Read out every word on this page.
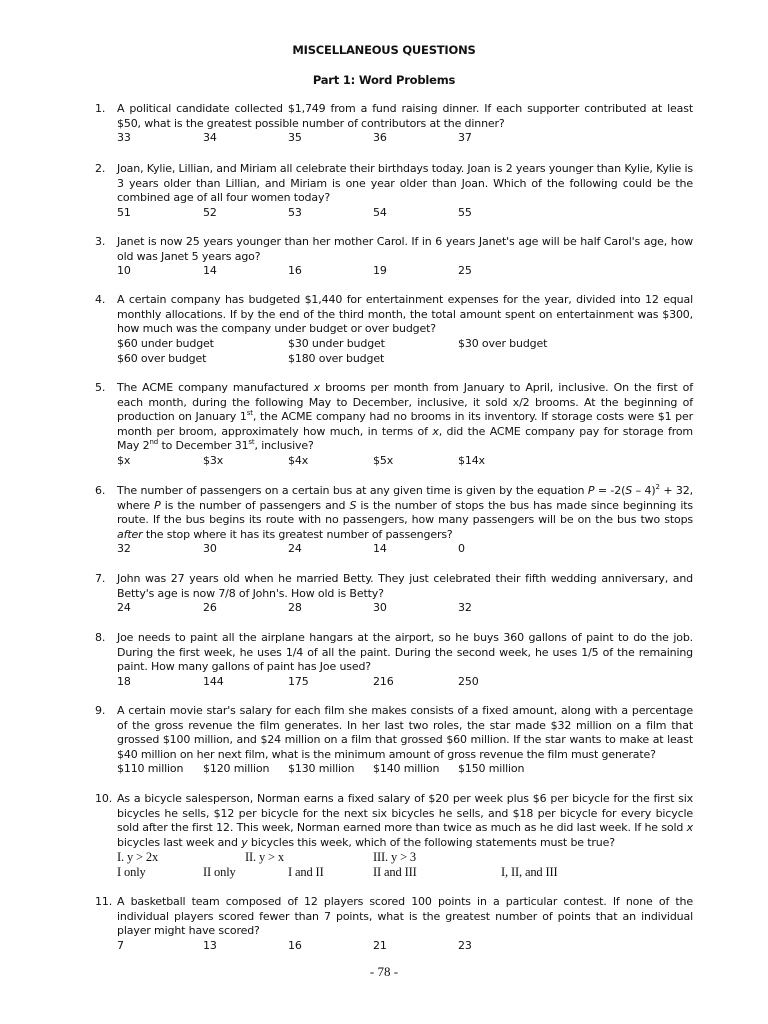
MISCELLANEOUS QUESTIONS
Part 1: Word Problems
1.	A political candidate collected $1,749 from a fund raising dinner. If each supporter contributed at least $50, what is the greatest possible number of contributors at the dinner?
33	34	35	36	37
2.	Joan, Kylie, Lillian, and Miriam all celebrate their birthdays today. Joan is 2 years younger than Kylie, Kylie is 3 years older than Lillian, and Miriam is one year older than Joan. Which of the following could be the combined age of all four women today?
51	52	53	54	55
3.	Janet is now 25 years younger than her mother Carol. If in 6 years Janet's age will be half Carol's age, how old was Janet 5 years ago?
10	14	16	19	25
4.	A certain company has budgeted $1,440 for entertainment expenses for the year, divided into 12 equal monthly allocations. If by the end of the third month, the total amount spent on entertainment was $300, how much was the company under budget or over budget?
$60 under budget	$30 under budget	$30 over budget
$60 over budget	$180 over budget
5.	The ACME company manufactured x brooms per month from January to April, inclusive. On the first of each month, during the following May to December, inclusive, it sold x/2 brooms. At the beginning of production on January 1st, the ACME company had no brooms in its inventory. If storage costs were $1 per month per broom, approximately how much, in terms of x, did the ACME company pay for storage from May 2nd to December 31st, inclusive?
$x	$3x	$4x	$5x	$14x
6.	The number of passengers on a certain bus at any given time is given by the equation P = -2(S – 4)$^2$ + 32, where P is the number of passengers and S is the number of stops the bus has made since beginning its route. If the bus begins its route with no passengers, how many passengers will be on the bus two stops after the stop where it has its greatest number of passengers?
32	30	24	14	0
7.	John was 27 years old when he married Betty. They just celebrated their fifth wedding anniversary, and Betty's age is now 7/8 of John's. How old is Betty?
24	26	28	30	32
8.	Joe needs to paint all the airplane hangars at the airport, so he buys 360 gallons of paint to do the job. During the first week, he uses 1/4 of all the paint. During the second week, he uses 1/5 of the remaining paint. How many gallons of paint has Joe used?
18	144	175	216	250
9.	A certain movie star's salary for each film she makes consists of a fixed amount, along with a percentage of the gross revenue the film generates. In her last two roles, the star made $32 million on a film that grossed $100 million, and $24 million on a film that grossed $60 million. If the star wants to make at least $40 million on her next film, what is the minimum amount of gross revenue the film must generate?
$110 million $120 million $130 million $140 million $150 million
10. As a bicycle salesperson, Norman earns a fixed salary of $20 per week plus $6 per bicycle for the first six bicycles he sells, $12 per bicycle for the next six bicycles he sells, and $18 per bicycle for every bicycle sold after the first 12. This week, Norman earned more than twice as much as he did last week. If he sold x bicycles last week and y bicycles this week, which of the following statements must be true?
I. y > 2x	II. y > x	III. y > 3
I only	II only	I and II	II and III	I, II, and III
11. A basketball team composed of 12 players scored 100 points in a particular contest. If none of the individual players scored fewer than 7 points, what is the greatest number of points that an individual player might have scored?
7	13	16	21	23
- 78 -
